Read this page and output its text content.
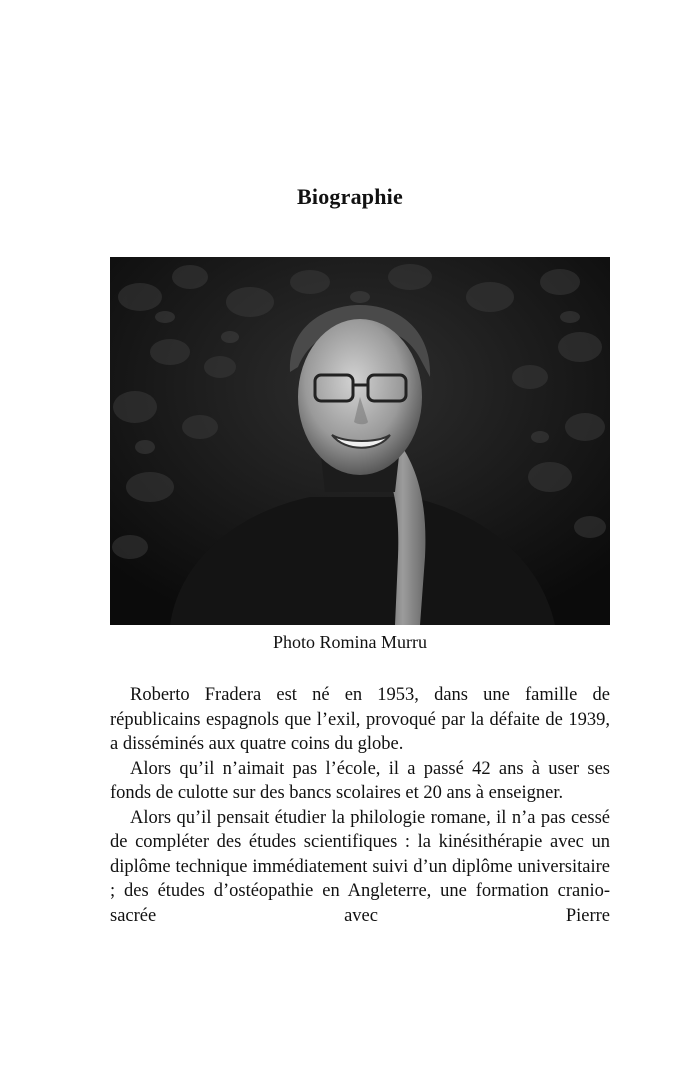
Biographie
Photo Romina Murru

Roberto Fradera est né en 1953, dans une famille de républicains espagnols que l’exil, provoqué par la défaite de 1939, a disséminés aux quatre coins du globe.

Alors qu’il n’aimait pas l’école, il a passé 42 ans à user ses fonds de culotte sur des bancs scolaires et 20 ans à enseigner.

Alors qu’il pensait étudier la philologie romane, il n’a pas cessé de compléter des études scientifiques : la kinésithérapie avec un diplôme technique immédiatement suivi d’un diplôme universitaire ; des études d’ostéopathie en Angleterre, une formation cranio-sacrée avec Pierre
